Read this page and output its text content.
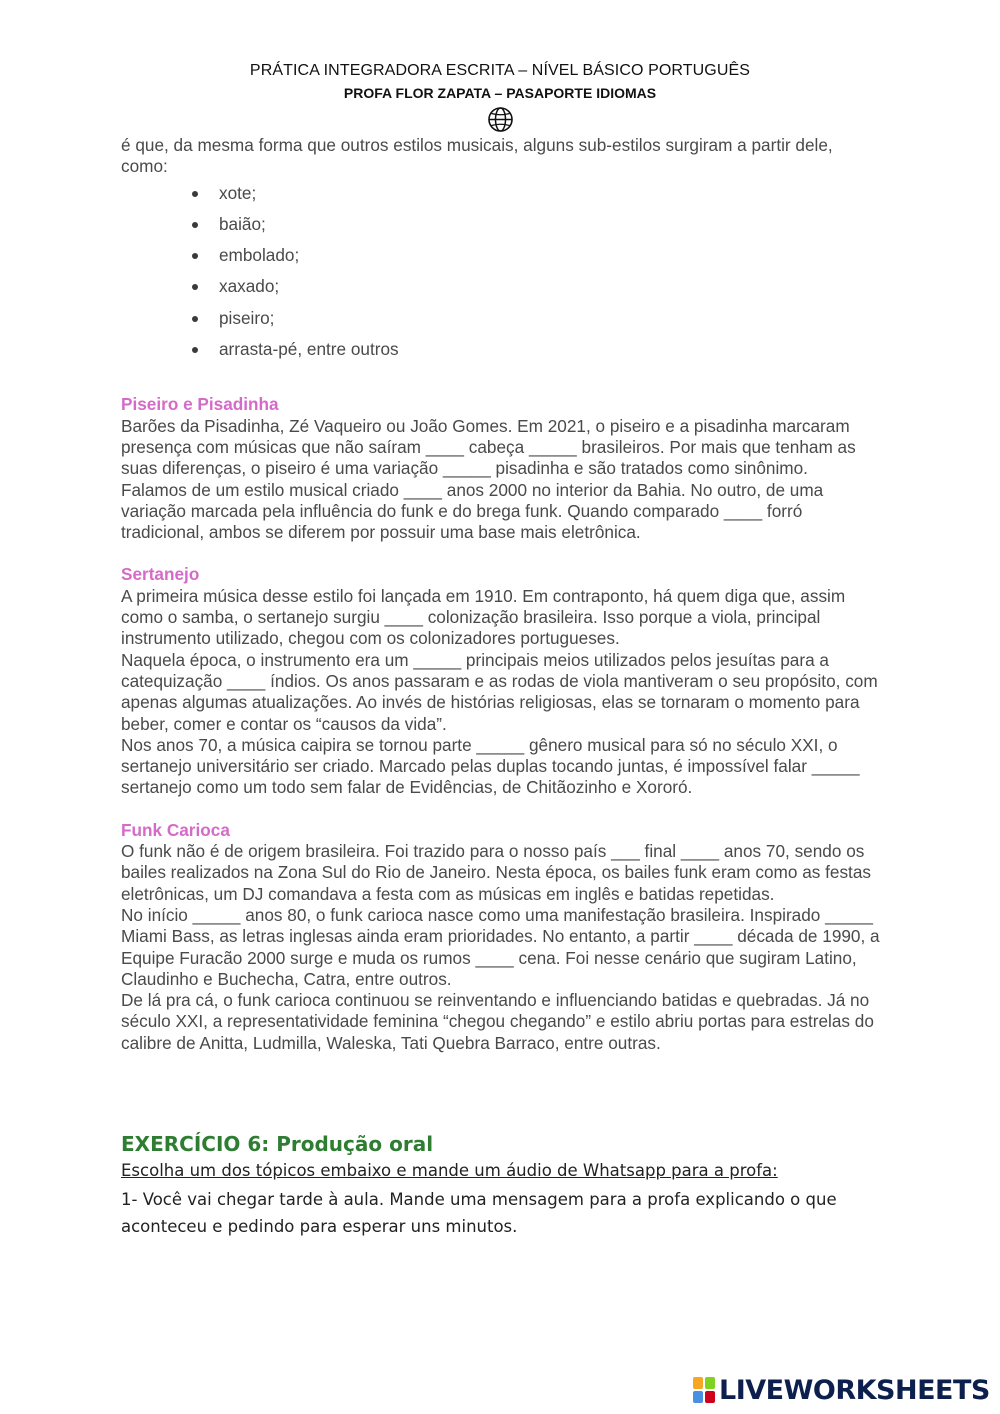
PRÁTICA INTEGRADORA ESCRITA – NÍVEL BÁSICO PORTUGUÊS
PROFA FLOR ZAPATA – PASAPORTE IDIOMAS

é que, da mesma forma que outros estilos musicais, alguns sub-estilos surgiram a partir dele, como:

xote;
baião;
embolado;
xaxado;
piseiro;
arrasta-pé, entre outros

Piseiro e Pisadinha

Barões da Pisadinha, Zé Vaqueiro ou João Gomes. Em 2021, o piseiro e a pisadinha marcaram presença com músicas que não saíram ____ cabeça _____ brasileiros. Por mais que tenham as suas diferenças, o piseiro é uma variação _____ pisadinha e são tratados como sinônimo.

Falamos de um estilo musical criado ____ anos 2000 no interior da Bahia. No outro, de uma variação marcada pela influência do funk e do brega funk. Quando comparado ____ forró tradicional, ambos se diferem por possuir uma base mais eletrônica.

Sertanejo

A primeira música desse estilo foi lançada em 1910. Em contraponto, há quem diga que, assim como o samba, o sertanejo surgiu ____ colonização brasileira. Isso porque a viola, principal instrumento utilizado, chegou com os colonizadores portugueses.

Naquela época, o instrumento era um _____ principais meios utilizados pelos jesuítas para a catequização ____ índios. Os anos passaram e as rodas de viola mantiveram o seu propósito, com apenas algumas atualizações. Ao invés de histórias religiosas, elas se tornaram o momento para beber, comer e contar os “causos da vida”.

Nos anos 70, a música caipira se tornou parte _____ gênero musical para só no século XXI, o sertanejo universitário ser criado. Marcado pelas duplas tocando juntas, é impossível falar _____ sertanejo como um todo sem falar de Evidências, de Chitãozinho e Xororó.

Funk Carioca

O funk não é de origem brasileira. Foi trazido para o nosso país ___ final ____ anos 70, sendo os bailes realizados na Zona Sul do Rio de Janeiro. Nesta época, os bailes funk eram como as festas eletrônicas, um DJ comandava a festa com as músicas em inglês e batidas repetidas.

No início _____ anos 80, o funk carioca nasce como uma manifestação brasileira. Inspirado _____ Miami Bass, as letras inglesas ainda eram prioridades. No entanto, a partir ____ década de 1990, a Equipe Furacão 2000 surge e muda os rumos ____ cena. Foi nesse cenário que sugiram Latino, Claudinho e Buchecha, Catra, entre outros.

De lá pra cá, o funk carioca continuou se reinventando e influenciando batidas e quebradas. Já no século XXI, a representatividade feminina “chegou chegando” e estilo abriu portas para estrelas do calibre de Anitta, Ludmilla, Waleska, Tati Quebra Barraco, entre outras.

EXERCÍCIO 6: Produção oral

Escolha um dos tópicos embaixo e mande um áudio de Whatsapp para a profa:

1- Você vai chegar tarde à aula. Mande uma mensagem para a profa explicando o que aconteceu e pedindo para esperar uns minutos.

LIVEWORKSHEETS
